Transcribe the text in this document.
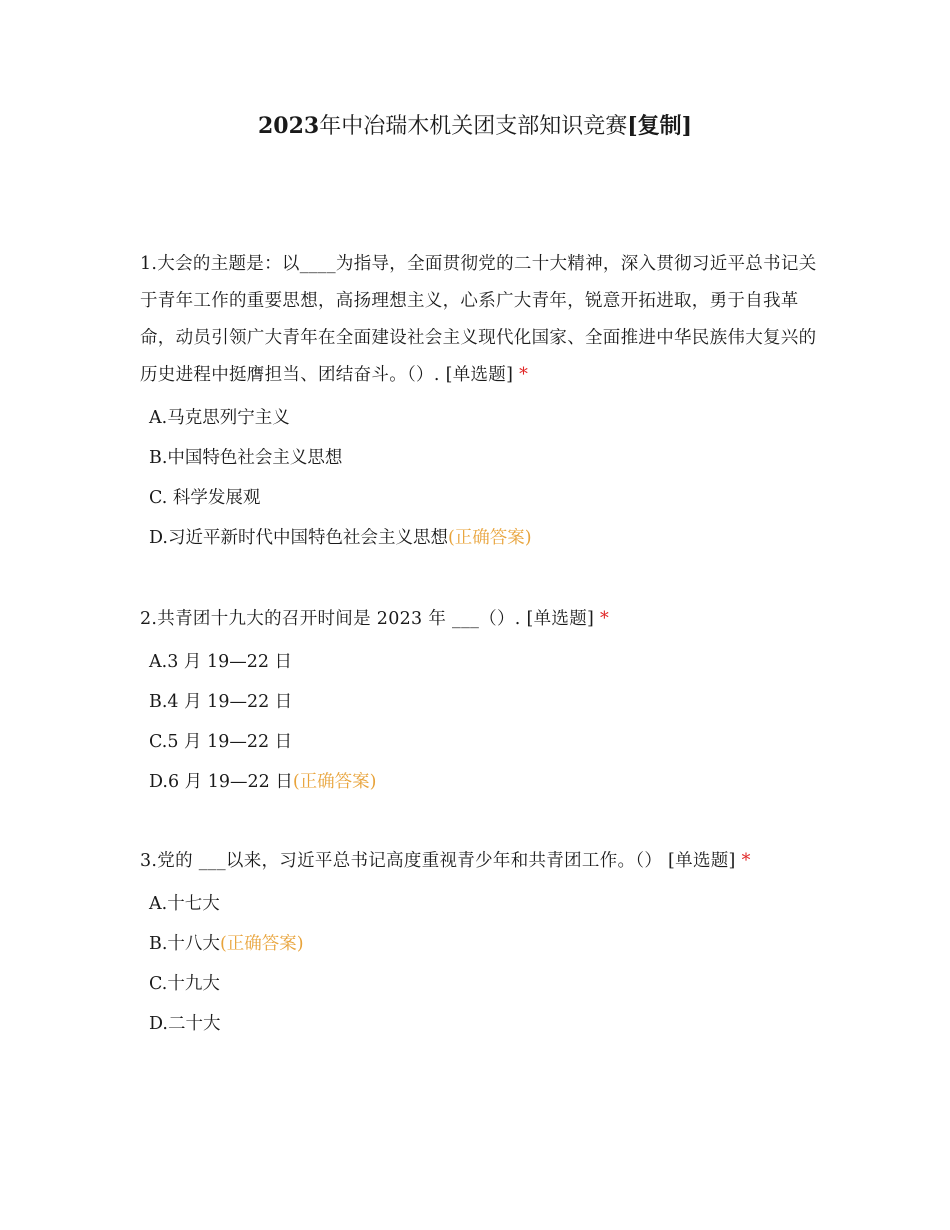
2023年中冶瑞木机关团支部知识竞赛[复制]

1.大会的主题是：以____为指导，全面贯彻党的二十大精神，深入贯彻习近平总书记关于青年工作的重要思想，高扬理想主义，心系广大青年，锐意开拓进取，勇于自我革命，动员引领广大青年在全面建设社会主义现代化国家、全面推进中华民族伟大复兴的历史进程中挺膺担当、团结奋斗。（）. [单选题] *

A.马克思列宁主义
B.中国特色社会主义思想
C. 科学发展观
D.习近平新时代中国特色社会主义思想(正确答案)

2.共青团十九大的召开时间是 2023 年 ___（）. [单选题] *

A.3 月 19—22 日
B.4 月 19—22 日
C.5 月 19—22 日
D.6 月 19—22 日(正确答案)

3.党的 ___以来，习近平总书记高度重视青少年和共青团工作。（） [单选题] *

A.十七大
B.十八大(正确答案)
C.十九大
D.二十大
